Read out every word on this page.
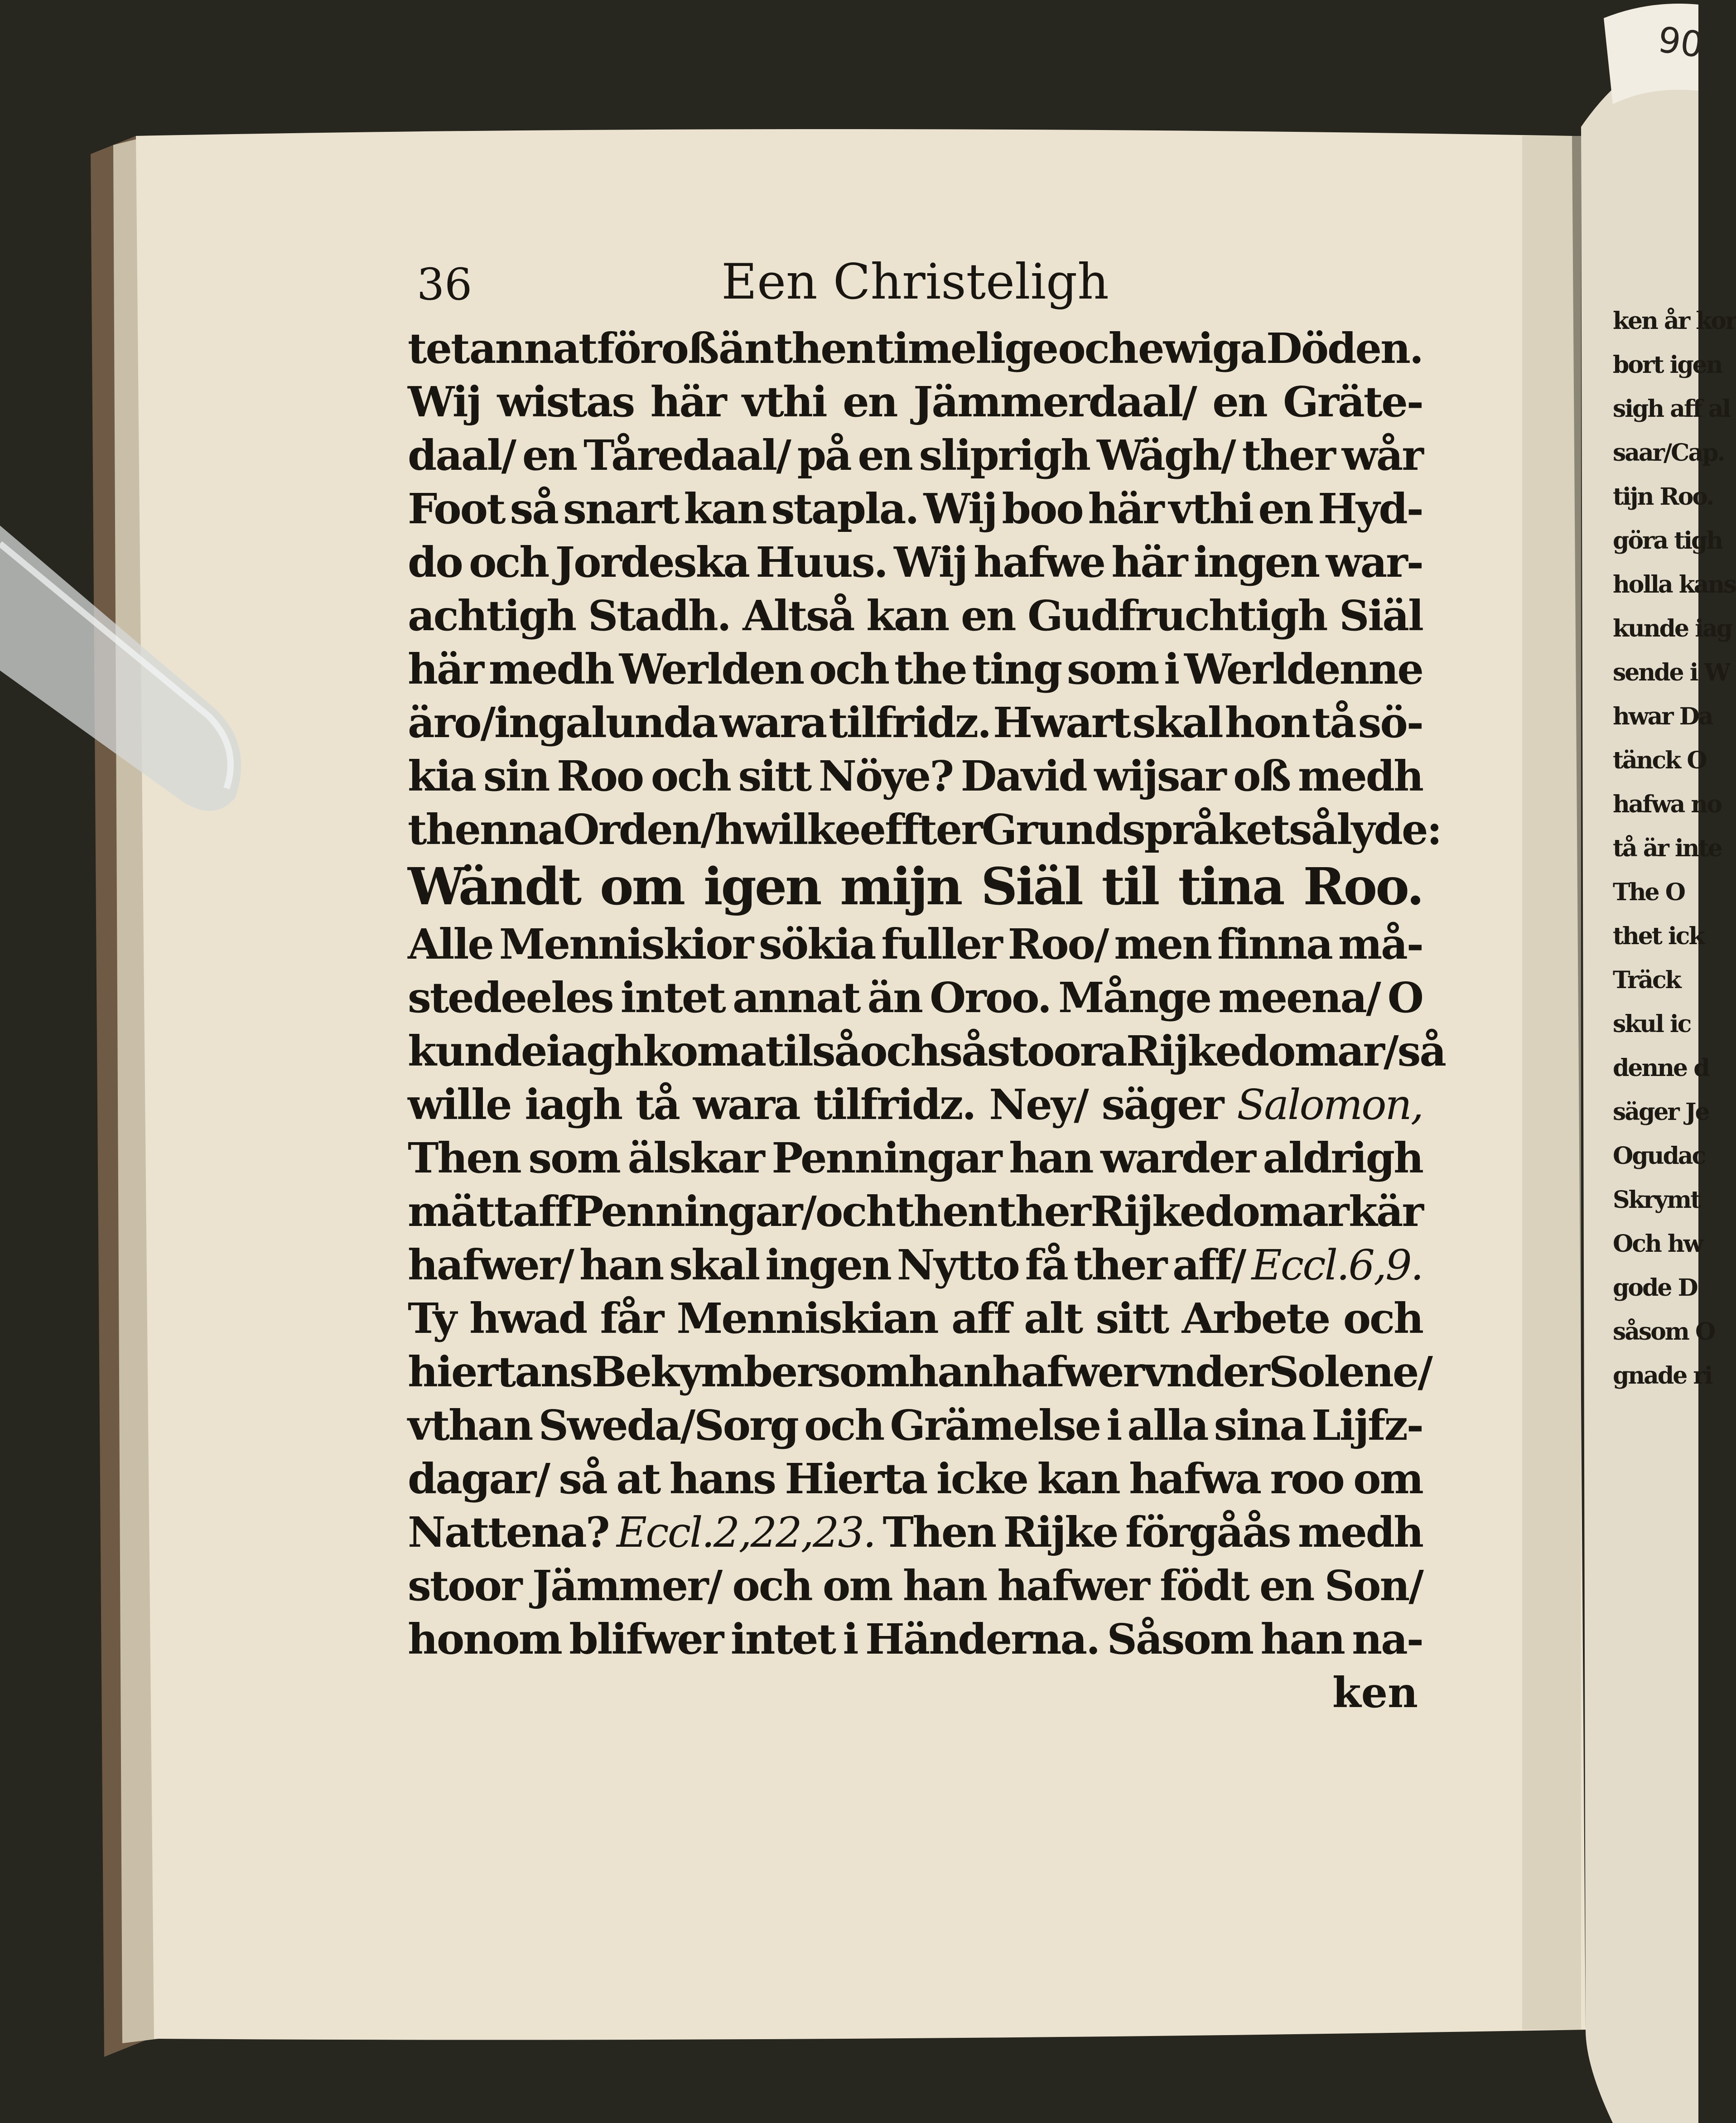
90
36	Een Christeligh
tet annat för oß än then timelige och ewiga Döden.
Wij wistas här vthi en Jämmerdaal/ en Gräte-
daal/ en Tåredaal/ på en sliprigh Wägh/ ther wår
Foot så snart kan stapla. Wij boo här vthi en Hyd-
do och Jordeska Huus. Wij hafwe här ingen war-
achtigh Stadh. Altså kan en Gudfruchtigh Siäl
här medh Werlden och the ting som i Werldenne
äro/ingalunda wara tilfridz. Hwart skal hon tå sö-
kia sin Roo och sitt Nöye? David wijsar oß medh
thenna Orden/ hwilke effter Grundspråket så lyde:
Wändt om igen mijn Siäl til tina Roo.
Alle Menniskior sökia fuller Roo/ men finna må-
stedeeles intet annat än Oroo. Månge meena/ O
kunde iagh koma til så och så stoora Rijkedomar/ så
wille iagh tå wara tilfridz. Ney/ säger Salomon,
Then som älskar Penningar han warder aldrigh
mätt aff Penningar/och then ther Rijkedomar kär
hafwer/ han skal ingen Nytto få ther aff/ Eccl.6,9.
Ty hwad får Menniskian aff alt sitt Arbete och
hiertans Bekymber som han hafwer vnder Solen e/
vthan Sweda/Sorg och Grämelse i alla sina Lijfz-
dagar/ så at hans Hierta icke kan hafwa roo om
Nattena? Eccl.2,22,23. Then Rijke förgåås medh
stoor Jämmer/ och om han hafwer födt en Son/
honom blifwer intet i Händerna. Såsom han na-
ken
ken år kor
bort igen
sigh aff al
saar/Cap.
tijn Roo.
göra tigh
holla kans
kunde iag
sende i W
hwar Da
tänck O
hafwa no
tå är inte
The O
thet ick
Träck
skul ic
denne d
säger Je
Ogudac
Skrymt
Och hw
gode D
såsom O
gnade ri
